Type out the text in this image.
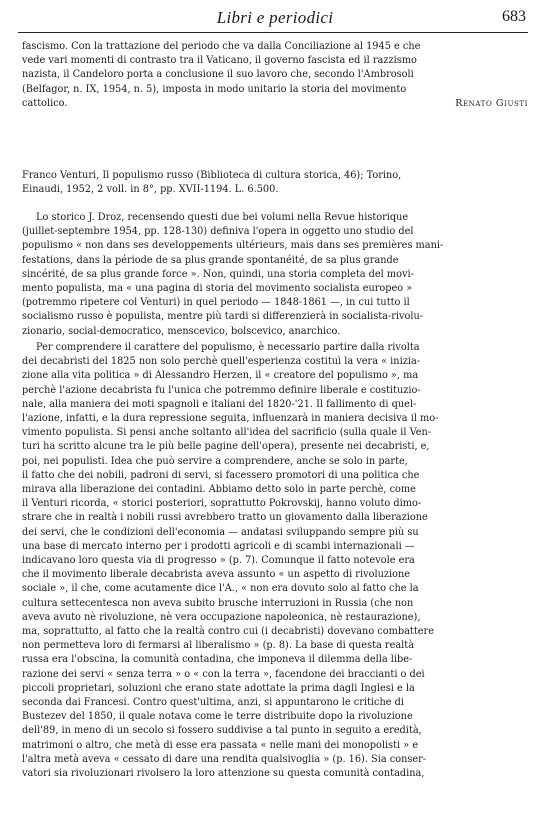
Libri e periodici	683
fascismo. Con la trattazione del periodo che va dalla Conciliazione al 1945 e che
vede vari momenti di contrasto tra il Vaticano, il governo fascista ed il razzismo
nazista, il Candeloro porta a conclusione il suo lavoro che, secondo l'Ambrosoli
(Belfagor, n. IX, 1954, n. 5), imposta in modo unitario la storia del movimento
cattolico.	Renato Giusti
Franco Venturi, Il populismo russo (Biblioteca di cultura storica, 46); Torino,
Einaudi, 1952, 2 voll. in 8°, pp. XVII-1194. L. 6.500.
Lo storico J. Droz, recensendo questi due bei volumi nella Revue historique
(juillet-septembre 1954, pp. 128-130) definiva l'opera in oggetto uno studio del
populismo « non dans ses developpements ultérieurs, mais dans ses premières mani-
festations, dans la période de sa plus grande spontanéité, de sa plus grande
sincérité, de sa plus grande force ». Non, quindi, una storia completa del movi-
mento populista, ma « una pagina di storia del movimento socialista europeo »
(potremmo ripetere col Venturi) in quel periodo — 1848-1861 —, in cui tutto il
socialismo russo è populista, mentre più tardi si differenzierà in socialista-rivolu-
zionario, social-democratico, menscevico, bolscevico, anarchico.
Per comprendere il carattere del populismo, è necessario partire dalla rivolta
dei decabristi del 1825 non solo perchè quell'esperienza costituì la vera « inizia-
zione alla vita politica » di Alessandro Herzen, il « creatore del populismo », ma
perchè l'azione decabrista fu l'unica che potremmo definire liberale e costituzio-
nale, alla maniera dei moti spagnoli e italiani del 1820-'21. Il fallimento di quel-
l'azione, infatti, e la dura repressione seguita, influenzarà in maniera decisiva il mo-
vimento populista. Si pensi anche soltanto all'idea del sacrificio (sulla quale il Ven-
turi ha scritto alcune tra le più belle pagine dell'opera), presente nei decabristi, e,
poi, nei populisti. Idea che può servire a comprendere, anche se solo in parte,
il fatto che dei nobili, padroni di servi, si facessero promotori di una politica che
mirava alla liberazione dei contadini. Abbiamo detto solo in parte perchè, come
il Venturi ricorda, « storici posteriori, soprattutto Pokrovskij, hanno voluto dimo-
strare che in realtà i nobili russi avrebbero tratto un giovamento dalla liberazione
dei servi, che le condizioni dell'economia — andatasi sviluppando sempre più su
una base di mercato interno per i prodotti agricoli e di scambi internazionali —
indicavano loro questa via di progresso » (p. 7). Comunque il fatto notevole era
che il movimento liberale decabrista aveva assunto « un aspetto di rivoluzione
sociale », il che, come acutamente dice l'A., « non era dovuto solo al fatto che la
cultura settecentesca non aveva subito brusche interruzioni in Russia (che non
aveva avuto nè rivoluzione, nè vera occupazione napoleonica, nè restaurazione),
ma, soprattutto, al fatto che la realtà contro cui (i decabristi) dovevano combattere
non permetteva loro di fermarsi al liberalismo » (p. 8). La base di questa realtà
russa era l'obscina, la comunità contadina, che imponeva il dilemma della libe-
razione dei servi « senza terra » o « con la terra », facendone dei braccianti o dei
piccoli proprietari, soluzioni che erano state adottate la prima dagli Inglesi e la
seconda dai Francesi. Contro quest'ultima, anzi, si appuntarono le critiche di
Bustezev del 1850, il quale notava come le terre distribuite dopo la rivoluzione
dell'89, in meno di un secolo si fossero suddivise a tal punto in seguito a eredità,
matrimoni o altro, che metà di esse era passata « nelle mani dei monopolisti » e
l'altra metà aveva « cessato di dare una rendita qualsivoglia » (p. 16). Sia conser-
vatori sia rivoluzionari rivolsero la loro attenzione su questa comunità contadina,
